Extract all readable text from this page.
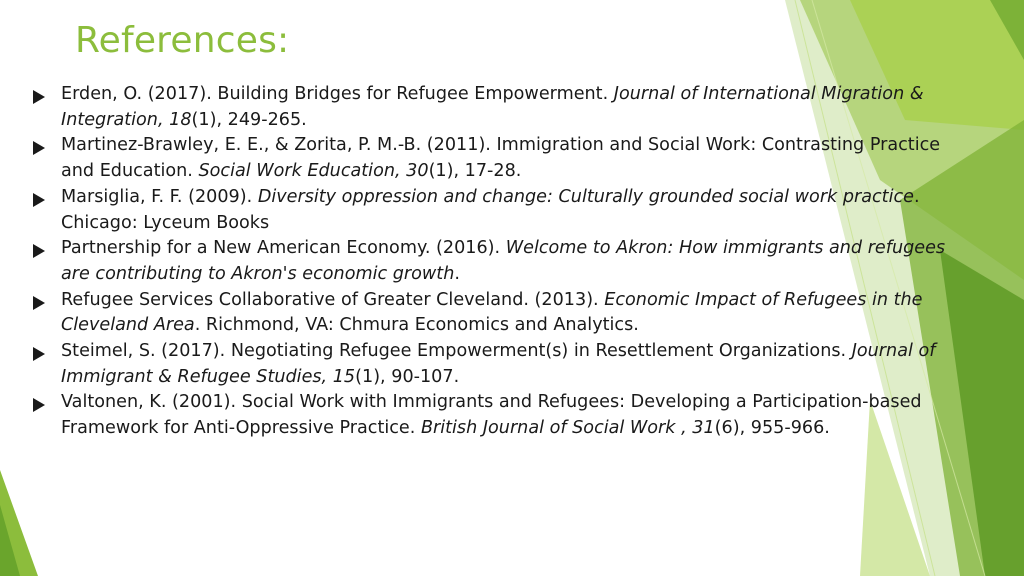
References:
Erden, O. (2017). Building Bridges for Refugee Empowerment. Journal of International Migration & Integration, 18(1), 249-265.
Martinez-Brawley, E. E., & Zorita, P. M.-B. (2011). Immigration and Social Work: Contrasting Practice and Education. Social Work Education, 30(1), 17-28.
Marsiglia, F. F. (2009). Diversity oppression and change: Culturally grounded social work practice. Chicago: Lyceum Books
Partnership for a New American Economy. (2016). Welcome to Akron: How immigrants and refugees are contributing to Akron's economic growth.
Refugee Services Collaborative of Greater Cleveland. (2013). Economic Impact of Refugees in the Cleveland Area. Richmond, VA: Chmura Economics and Analytics.
Steimel, S. (2017). Negotiating Refugee Empowerment(s) in Resettlement Organizations. Journal of Immigrant & Refugee Studies, 15(1), 90-107.
Valtonen, K. (2001). Social Work with Immigrants and Refugees: Developing a Participation-based Framework for Anti-Oppressive Practice. British Journal of Social Work , 31(6), 955-966.
